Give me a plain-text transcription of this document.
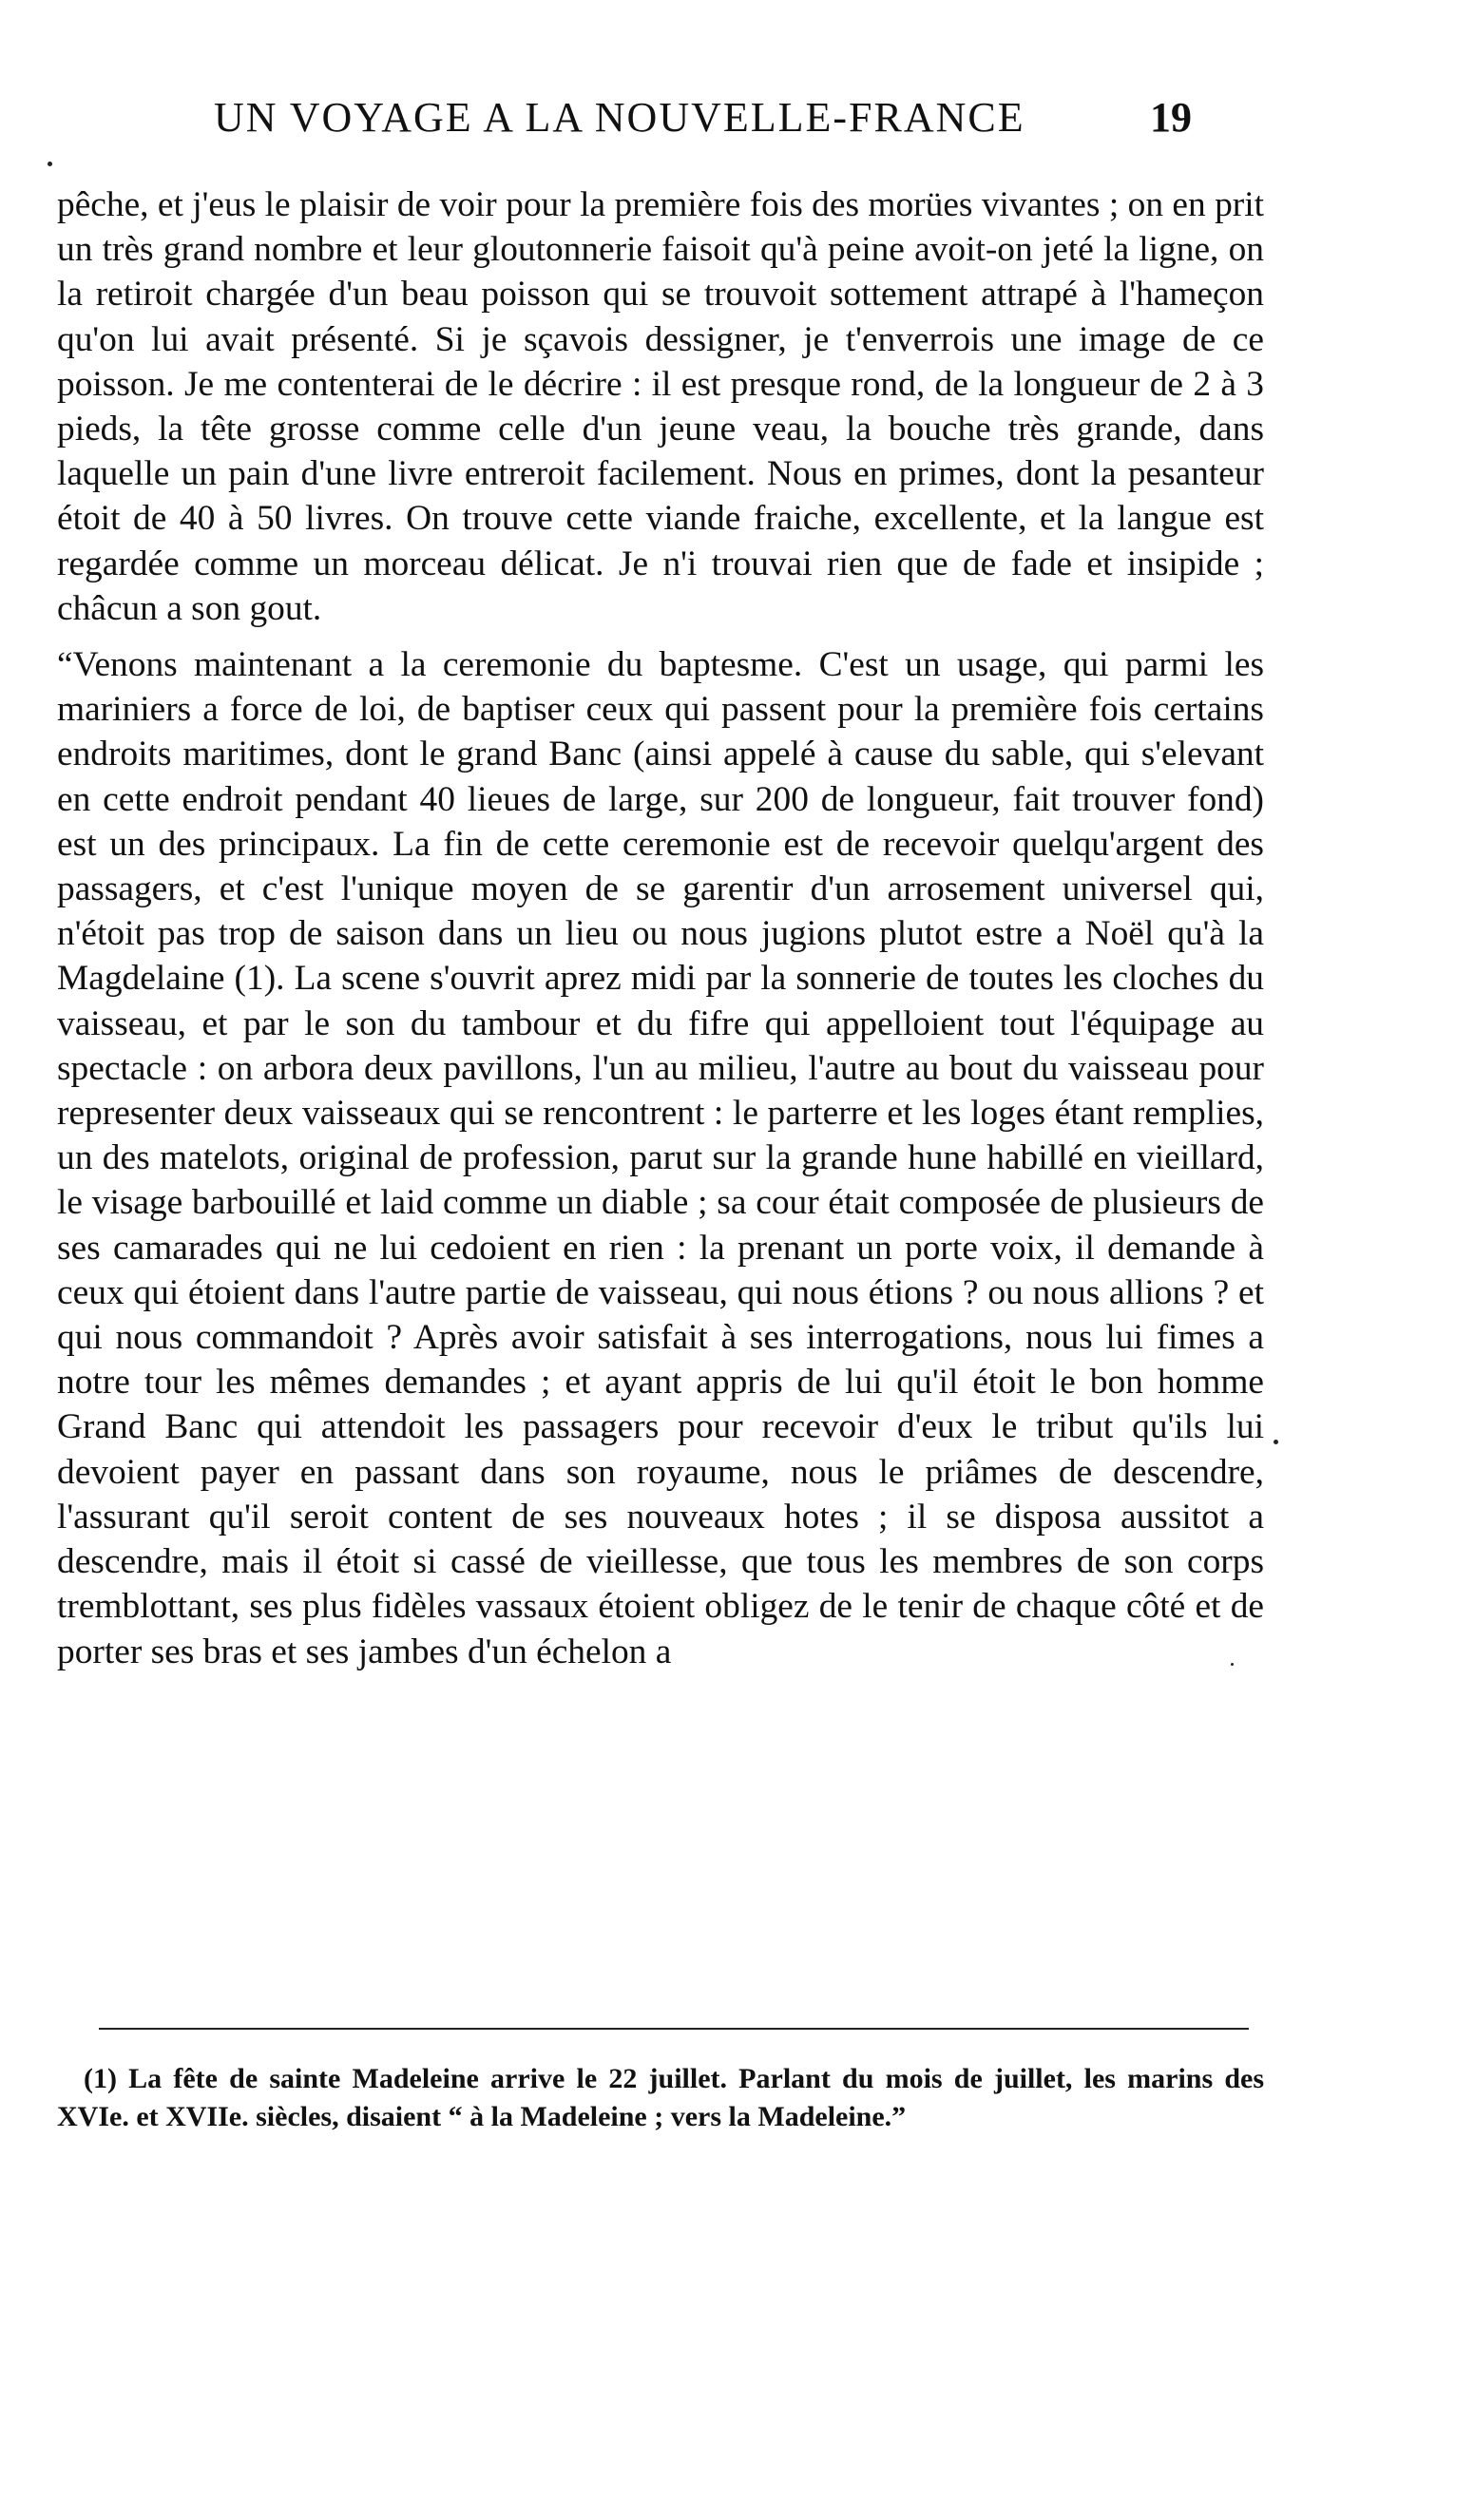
UN VOYAGE A LA NOUVELLE-FRANCE	19

pêche, et j'eus le plaisir de voir pour la première fois des morües vivantes ; on en prit un très grand nombre et leur gloutonnerie faisoit qu'à peine avoit-on jeté la ligne, on la retiroit chargée d'un beau poisson qui se trouvoit sottement attrapé à l'hameçon qu'on lui avait présenté. Si je sçavois dessigner, je t'enverrois une image de ce poisson. Je me contenterai de le décrire : il est presque rond, de la longueur de 2 à 3 pieds, la tête grosse comme celle d'un jeune veau, la bouche très grande, dans laquelle un pain d'une livre entreroit facilement. Nous en primes, dont la pesanteur étoit de 40 à 50 livres. On trouve cette viande fraiche, excellente, et la langue est regardée comme un morceau délicat. Je n'i trouvai rien que de fade et insipide ; châcun a son gout.

“Venons maintenant a la ceremonie du baptesme. C'est un usage, qui parmi les mariniers a force de loi, de baptiser ceux qui passent pour la première fois certains endroits maritimes, dont le grand Banc (ainsi appelé à cause du sable, qui s'elevant en cette endroit pendant 40 lieues de large, sur 200 de longueur, fait trouver fond) est un des principaux. La fin de cette ceremonie est de recevoir quelqu'argent des passagers, et c'est l'unique moyen de se garentir d'un arrosement universel qui, n'étoit pas trop de saison dans un lieu ou nous jugions plutot estre a Noël qu'à la Magdelaine (1). La scene s'ouvrit aprez midi par la sonnerie de toutes les cloches du vaisseau, et par le son du tambour et du fifre qui appelloient tout l'équipage au spectacle : on arbora deux pavillons, l'un au milieu, l'autre au bout du vaisseau pour representer deux vaisseaux qui se rencontrent : le parterre et les loges étant remplies, un des matelots, original de profession, parut sur la grande hune habillé en vieillard, le visage barbouillé et laid comme un diable ; sa cour était composée de plusieurs de ses camarades qui ne lui cedoient en rien : la prenant un porte voix, il demande à ceux qui étoient dans l'autre partie de vaisseau, qui nous étions ? ou nous allions ? et qui nous commandoit ? Après avoir satisfait à ses interrogations, nous lui fimes a notre tour les mêmes demandes ; et ayant appris de lui qu'il étoit le bon homme Grand Banc qui attendoit les passagers pour recevoir d'eux le tribut qu'ils lui devoient payer en passant dans son royaume, nous le priâmes de descendre, l'assurant qu'il seroit content de ses nouveaux hotes ; il se disposa aussitot a descendre, mais il étoit si cassé de vieillesse, que tous les membres de son corps tremblottant, ses plus fidèles vassaux étoient obligez de le tenir de chaque côté et de porter ses bras et ses jambes d'un échelon a

(1) La fête de sainte Madeleine arrive le 22 juillet. Parlant du mois de juillet, les marins des XVIe. et XVIIe. siècles, disaient “ à la Madeleine ; vers la Madeleine.”
